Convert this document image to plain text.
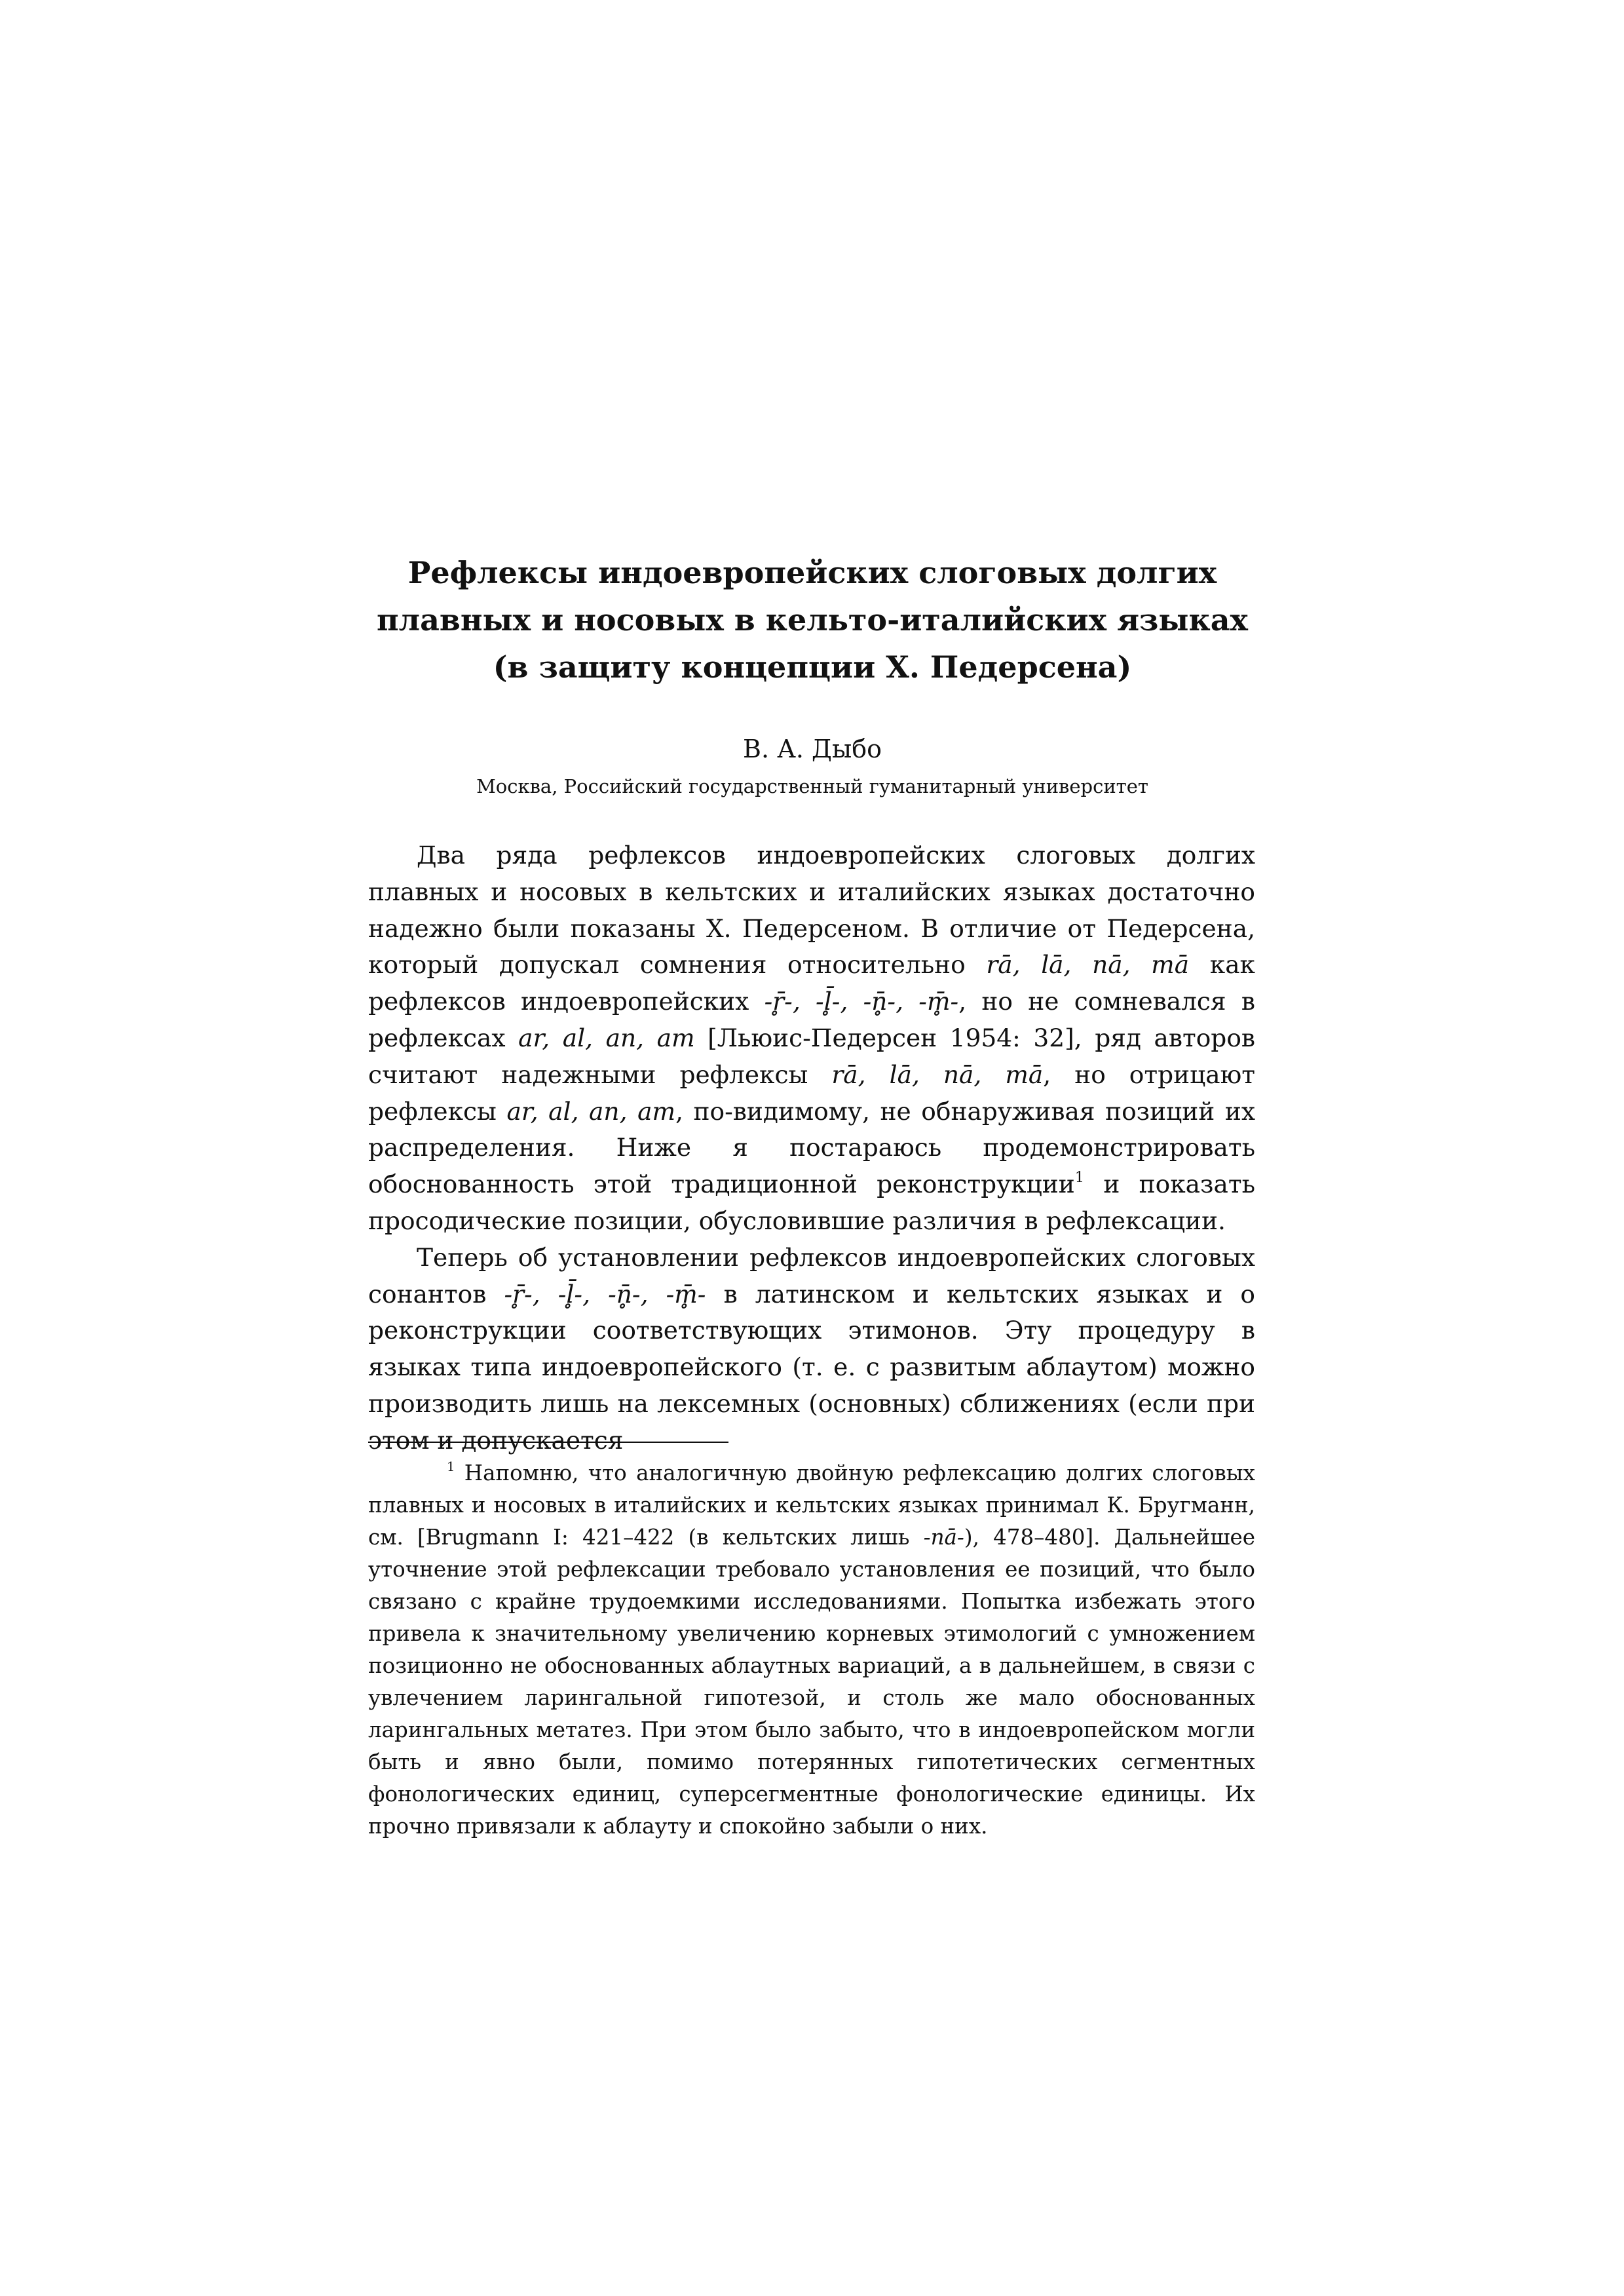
Рефлексы индоевропейских слоговых долгих
плавных и носовых в кельто-италийских языках
(в защиту концепции Х. Педерсена)

В. А. Дыбо

Москва, Российский государственный гуманитарный университет

Два ряда рефлексов индоевропейских слоговых долгих плавных и носовых в кельтских и италийских языках достаточно надежно были показаны Х. Педерсеном. В отличие от Педерсена, который допускал сомнения относительно rā, lā, nā, mā как рефлексов индоевропейских -r̥̄-, -l̥̄-, -n̥̄-, -m̥̄-, но не сомневался в рефлексах ar, al, an, am [Льюис-Педерсен 1954: 32], ряд авторов считают надежными рефлексы rā, lā, nā, mā, но отрицают рефлексы ar, al, an, am, по-видимому, не обнаруживая позиций их распределения. Ниже я постараюсь продемонстрировать обоснованность этой традиционной реконструкции$^1$ и показать просодические позиции, обусловившие различия в рефлексации.

Теперь об установлении рефлексов индоевропейских слоговых сонантов -r̥̄-, -l̥̄-, -n̥̄-, -m̥̄- в латинском и кельтских языках и о реконструкции соответствующих этимонов. Эту процедуру в языках типа индоевропейского (т. е. с развитым аблаутом) можно производить лишь на лексемных (основных) сближениях (если при этом и допускается

$^1$ Напомню, что аналогичную двойную рефлексацию долгих слоговых плавных и носовых в италийских и кельтских языках принимал К. Бругманн, см. [Brugmann I: 421–422 (в кельтских лишь -nā-), 478–480]. Дальнейшее уточнение этой рефлексации требовало установления ее позиций, что было связано с крайне трудоемкими исследованиями. Попытка избежать этого привела к значительному увеличению корневых этимологий с умножением позиционно не обоснованных аблаутных вариаций, а в дальнейшем, в связи с увлечением ларингальной гипотезой, и столь же мало обоснованных ларингальных метатез. При этом было забыто, что в индоевропейском могли быть и явно были, помимо потерянных гипотетических сегментных фонологических единиц, суперсегментные фонологические единицы. Их прочно привязали к аблауту и спокойно забыли о них.
